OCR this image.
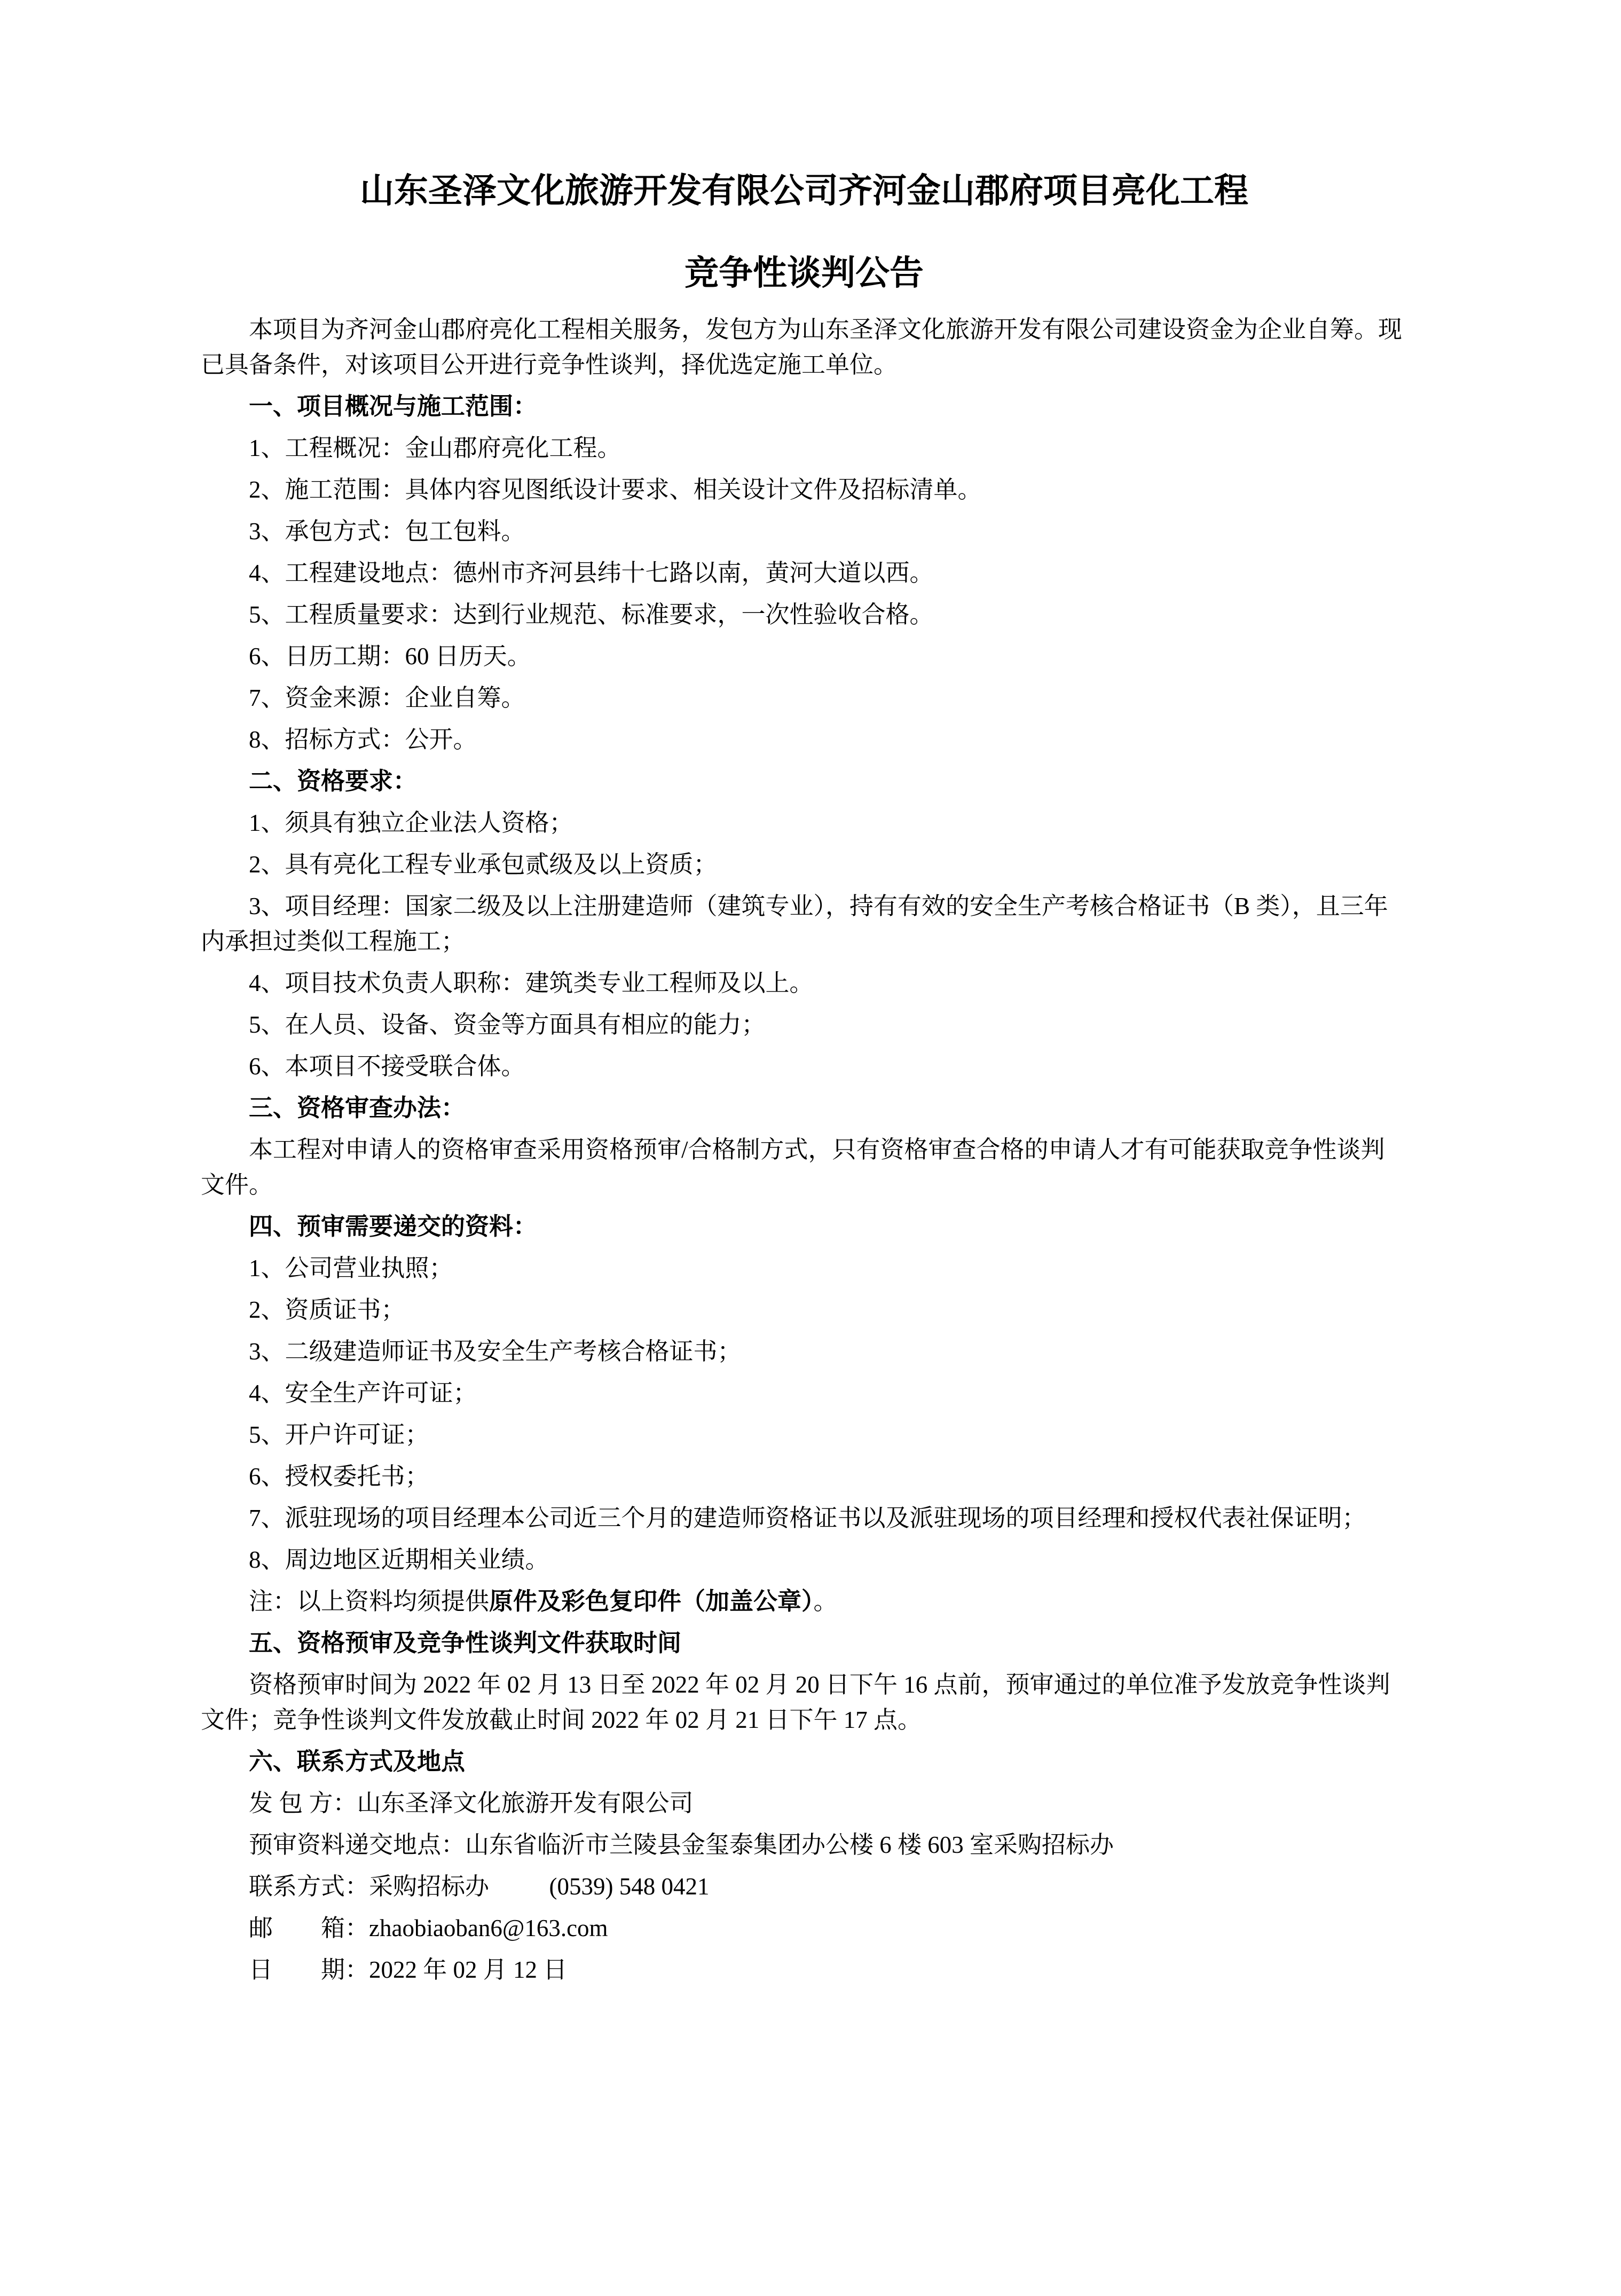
山东圣泽文化旅游开发有限公司齐河金山郡府项目亮化工程

竞争性谈判公告

本项目为齐河金山郡府亮化工程相关服务，发包方为山东圣泽文化旅游开发有限公司建设资金为企业自筹。现已具备条件，对该项目公开进行竞争性谈判，择优选定施工单位。

一、项目概况与施工范围：

1、工程概况：金山郡府亮化工程。

2、施工范围：具体内容见图纸设计要求、相关设计文件及招标清单。

3、承包方式：包工包料。

4、工程建设地点：德州市齐河县纬十七路以南，黄河大道以西。

5、工程质量要求：达到行业规范、标准要求，一次性验收合格。

6、日历工期：60 日历天。

7、资金来源：企业自筹。

8、招标方式：公开。

二、资格要求：

1、须具有独立企业法人资格；

2、具有亮化工程专业承包贰级及以上资质；

3、项目经理：国家二级及以上注册建造师（建筑专业），持有有效的安全生产考核合格证书（B 类），且三年内承担过类似工程施工；

4、项目技术负责人职称：建筑类专业工程师及以上。

5、在人员、设备、资金等方面具有相应的能力；

6、本项目不接受联合体。

三、资格审查办法：

本工程对申请人的资格审查采用资格预审/合格制方式，只有资格审查合格的申请人才有可能获取竞争性谈判文件。

四、预审需要递交的资料：

1、公司营业执照；

2、资质证书；

3、二级建造师证书及安全生产考核合格证书；

4、安全生产许可证；

5、开户许可证；

6、授权委托书；

7、派驻现场的项目经理本公司近三个月的建造师资格证书以及派驻现场的项目经理和授权代表社保证明；

8、周边地区近期相关业绩。

注：以上资料均须提供原件及彩色复印件（加盖公章）。

五、资格预审及竞争性谈判文件获取时间

资格预审时间为 2022 年 02 月 13 日至 2022 年 02 月 20 日下午 16 点前，预审通过的单位准予发放竞争性谈判文件；竞争性谈判文件发放截止时间 2022 年 02 月 21 日下午 17 点。

六、联系方式及地点

发 包 方：山东圣泽文化旅游开发有限公司

预审资料递交地点：山东省临沂市兰陵县金玺泰集团办公楼 6 楼 603 室采购招标办

联系方式：采购招标办          (0539) 548 0421

邮        箱：zhaobiaoban6@163.com

日        期：2022 年 02 月 12 日
